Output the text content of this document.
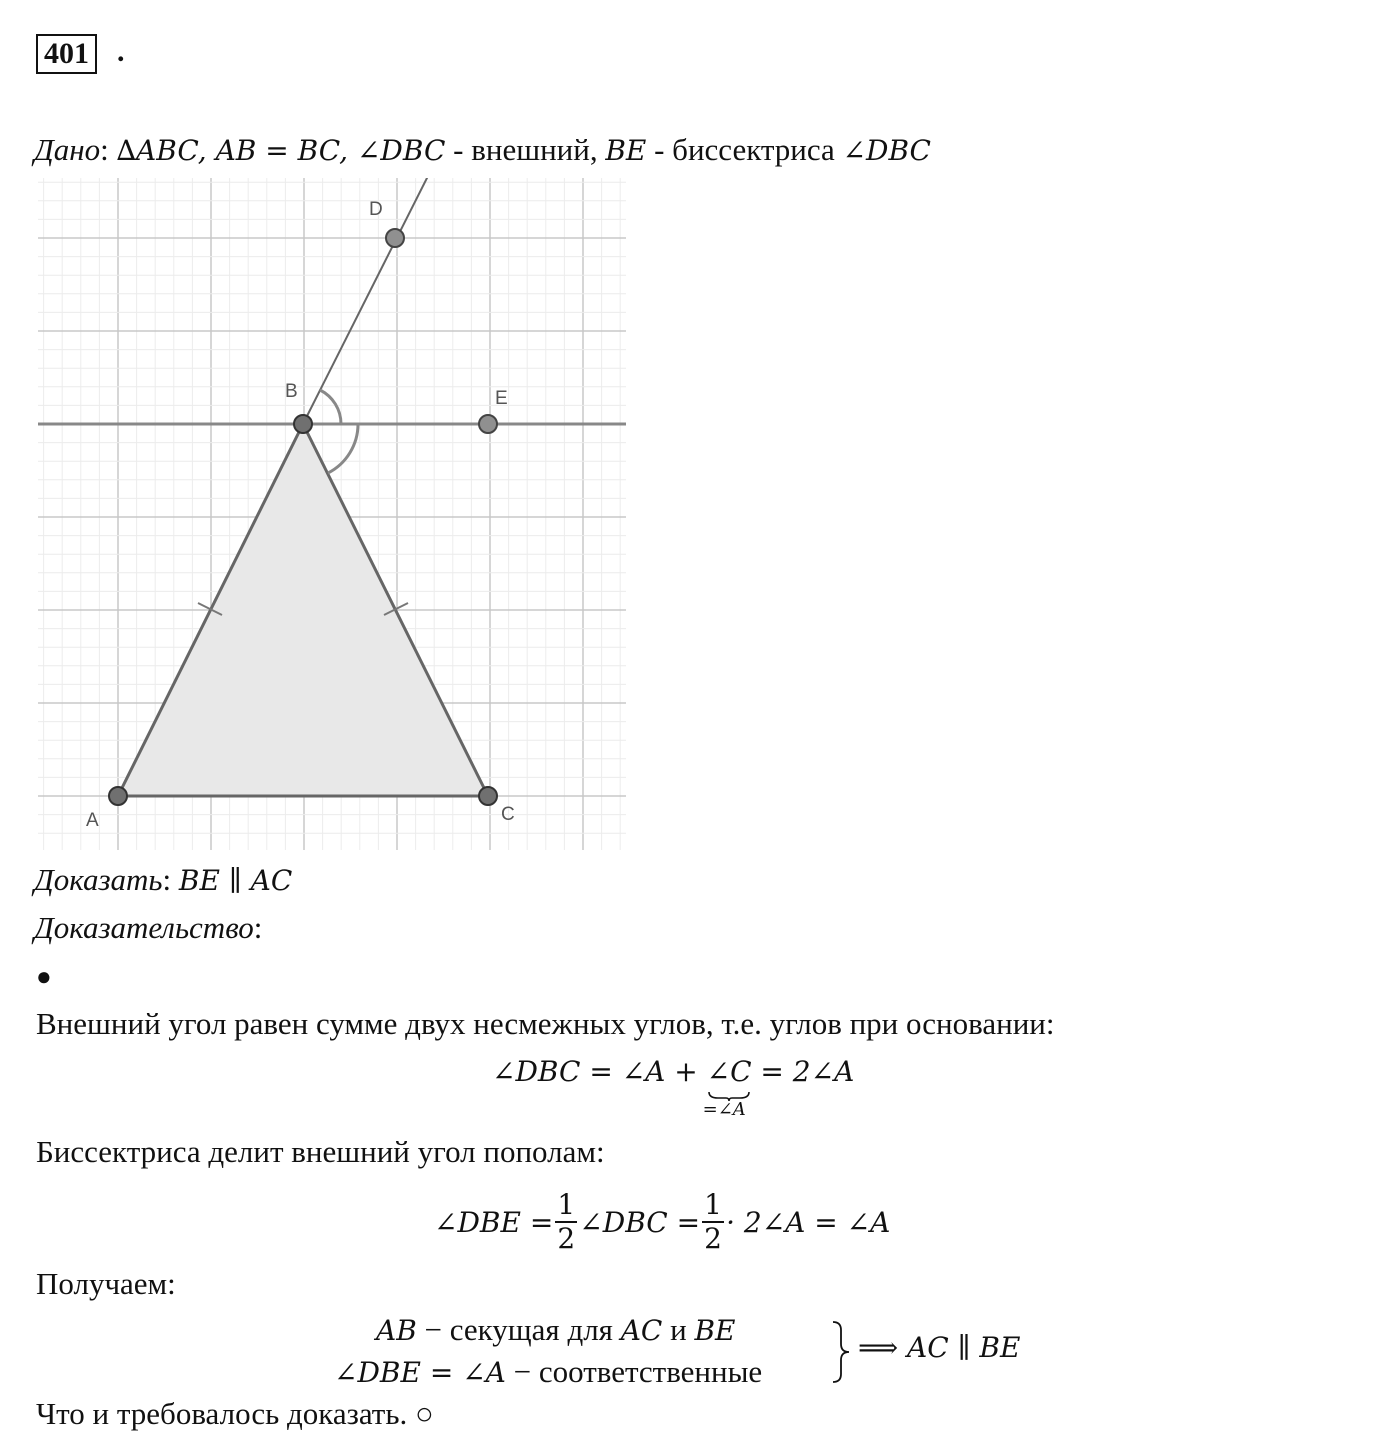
401 .
Дано: ∆ABC, AB = BC, ∠DBC - внешний, BE - биссектриса ∠DBC
A
B
C
D
E
Доказать: BE ∥ AC
Доказательство:
●
Внешний угол равен сумме двух несмежных углов, т.е. углов при основании:
∠DBC = ∠A + ∠C
=∠A
= 2∠A
Биссектриса делит внешний угол пополам:
∠DBE = $\frac{1}{2}$ ∠DBC = $\frac{1}{2}$ · 2∠A = ∠A
Получаем:
AB − секущая для AC и BE
∠DBE = ∠A − соответственные
⟹ AC ∥ BE
Что и требовалось доказать. ○
